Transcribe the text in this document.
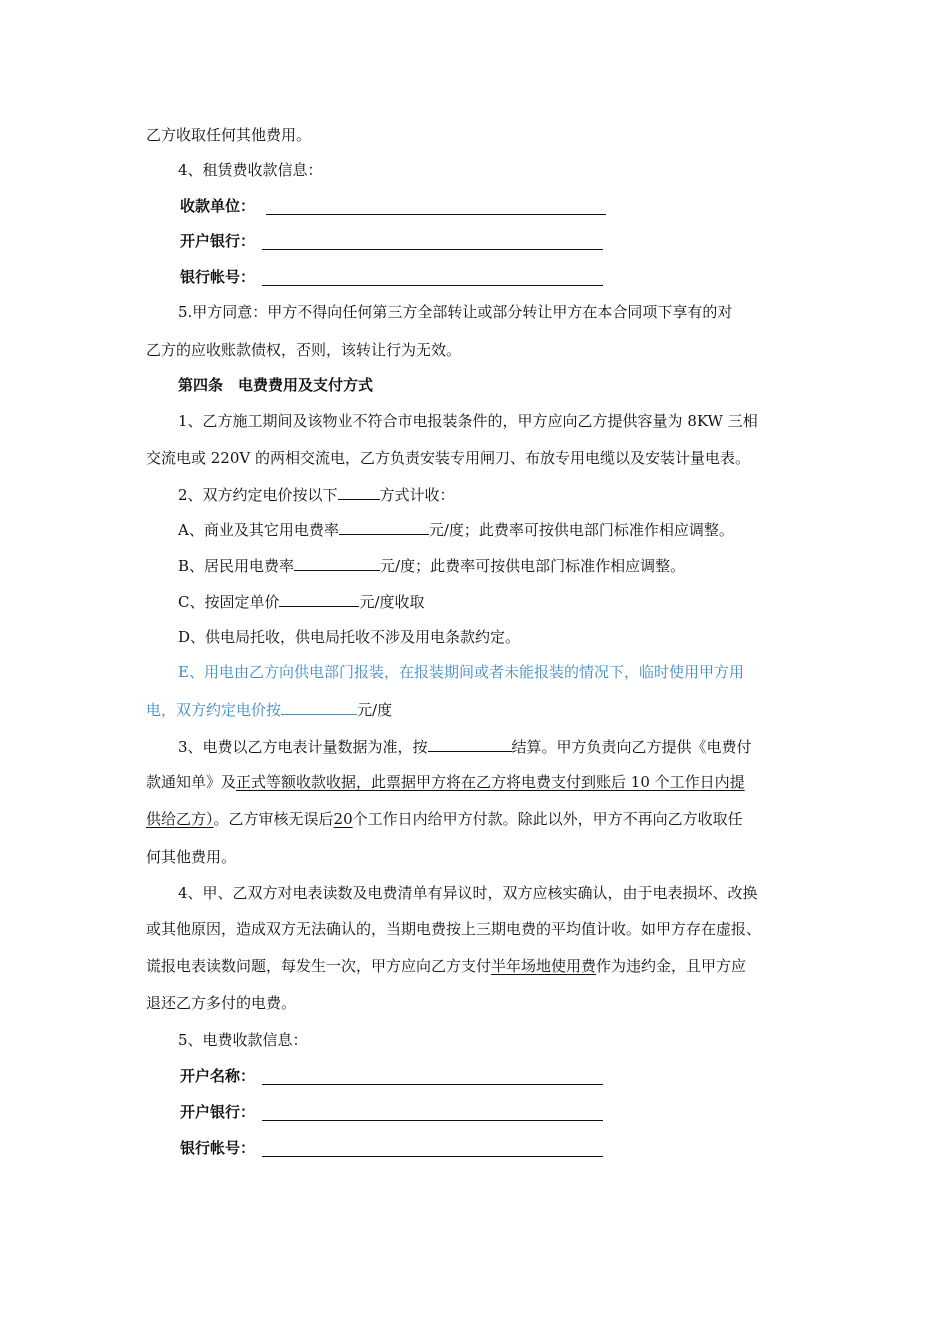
乙方收取任何其他费用。
4、租赁费收款信息：
收款单位：
开户银行：
银行帐号：
5.甲方同意：甲方不得向任何第三方全部转让或部分转让甲方在本合同项下享有的对
乙方的应收账款债权，否则，该转让行为无效。
第四条　电费费用及支付方式
1、乙方施工期间及该物业不符合市电报装条件的，甲方应向乙方提供容量为 8KW 三相
交流电或 220V 的两相交流电，乙方负责安装专用闸刀、布放专用电缆以及安装计量电表。
2、双方约定电价按以下	方式计收：
A、商业及其它用电费率	元/度；此费率可按供电部门标准作相应调整。
B、居民用电费率	元/度；此费率可按供电部门标准作相应调整。
C、按固定单价	元/度收取
D、供电局托收，供电局托收不涉及用电条款约定。
E、用电由乙方向供电部门报装，在报装期间或者未能报装的情况下，临时使用甲方用
电，双方约定电价按	元/度
3、电费以乙方电表计量数据为准，按	结算。甲方负责向乙方提供《电费付
款通知单》及正式等额收款收据，此票据甲方将在乙方将电费支付到账后 10 个工作日内提
供给乙方）。乙方审核无误后20个工作日内给甲方付款。除此以外，甲方不再向乙方收取任
何其他费用。
4、甲、乙双方对电表读数及电费清单有异议时，双方应核实确认，由于电表损坏、改换
或其他原因，造成双方无法确认的，当期电费按上三期电费的平均值计收。如甲方存在虚报、
谎报电表读数问题，每发生一次，甲方应向乙方支付半年场地使用费作为违约金，且甲方应
退还乙方多付的电费。
5、电费收款信息：
开户名称：
开户银行：
银行帐号：
